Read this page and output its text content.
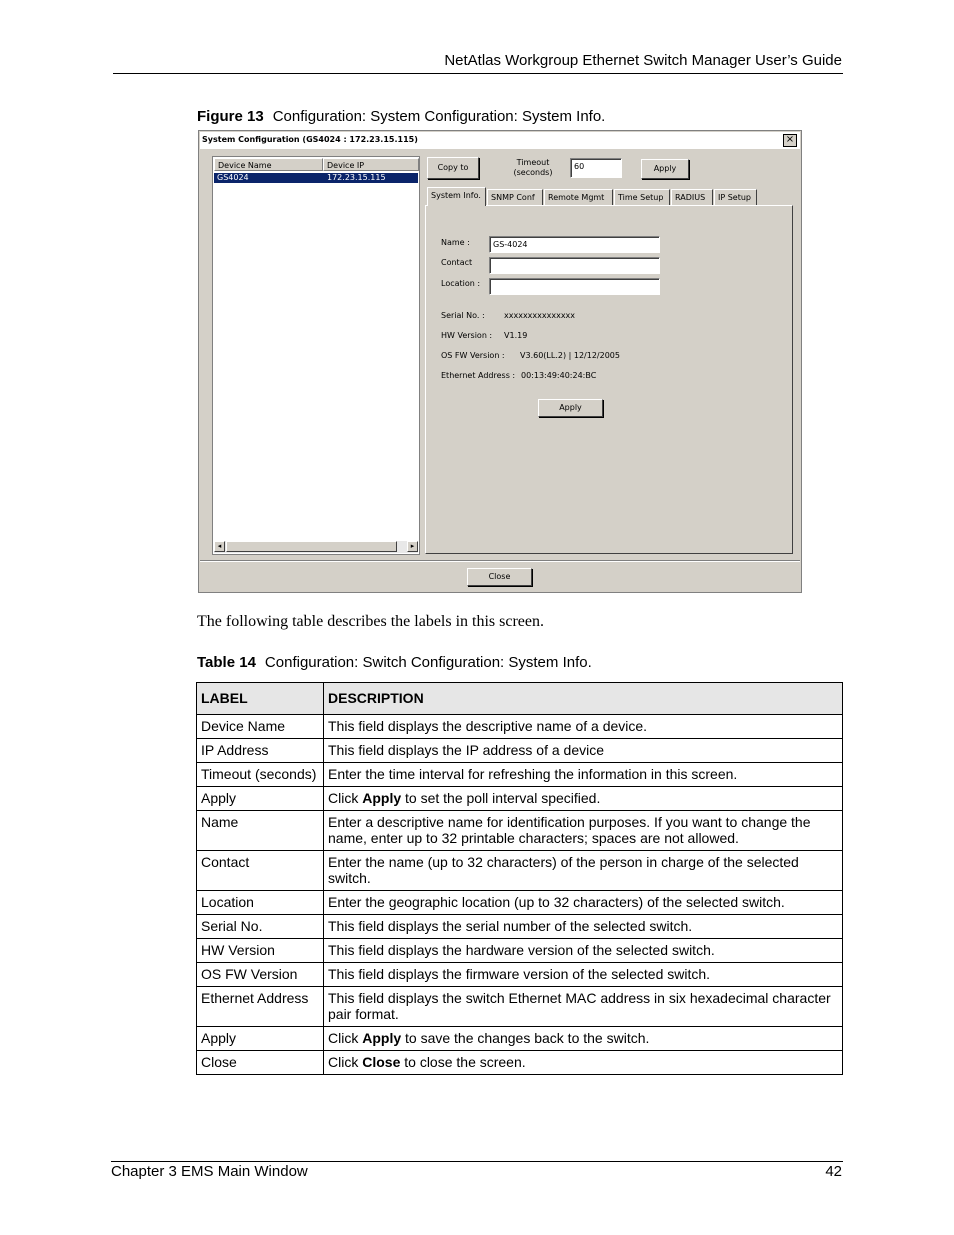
NetAtlas Workgroup Ethernet Switch Manager User’s Guide
Figure 13 Configuration: System Configuration: System Info.
System Configuration (GS4024 : 172.23.15.115)	×
Device Name	Device IP
GS4024	172.23.15.115
◂	▸
Copy to
Timeout
(seconds)
60	Apply
System Info.	SNMP Conf	Remote Mgmt	Time Setup	RADIUS	IP Setup
Name :	GS-4024
Contact
Location :
Serial No. : xxxxxxxxxxxxxxx
HW Version : V1.19
OS FW Version : V3.60(LL.2) | 12/12/2005
Ethernet Address : 00:13:49:40:24:BC
Apply
Close
The following table describes the labels in this screen.
Table 14 Configuration: Switch Configuration: System Info.
LABEL	DESCRIPTION
Device Name	This field displays the descriptive name of a device.
IP Address	This field displays the IP address of a device
Timeout (seconds)	Enter the time interval for refreshing the information in this screen.
Apply	Click Apply to set the poll interval specified.
Name	Enter a descriptive name for identification purposes. If you want to change the name, enter up to 32 printable characters; spaces are not allowed.
Contact	Enter the name (up to 32 characters) of the person in charge of the selected switch.
Location	Enter the geographic location (up to 32 characters) of the selected switch.
Serial No.	This field displays the serial number of the selected switch.
HW Version	This field displays the hardware version of the selected switch.
OS FW Version	This field displays the firmware version of the selected switch.
Ethernet Address	This field displays the switch Ethernet MAC address in six hexadecimal character pair format.
Apply	Click Apply to save the changes back to the switch.
Close	Click Close to close the screen.
Chapter 3 EMS Main Window	42
